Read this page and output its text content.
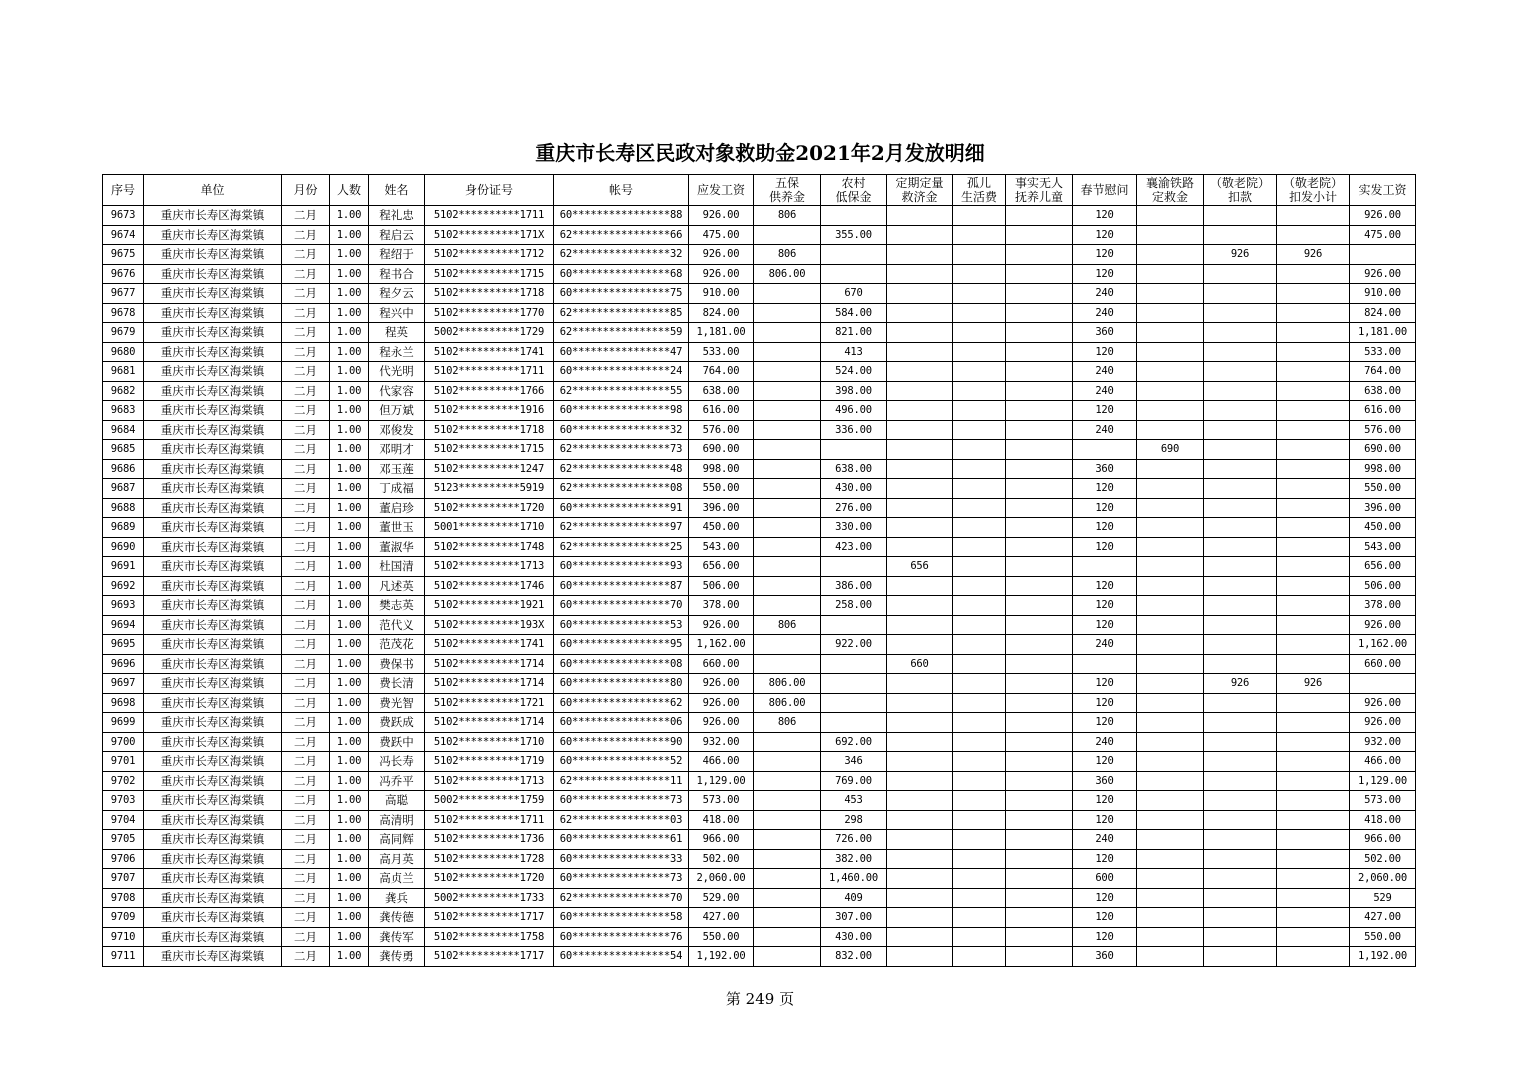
重庆市长寿区民政对象救助金2021年2月发放明细
序号	单位	月份	人数	姓名	身份证号	帐号	应发工资	五保
供养金	农村
低保金	定期定量
救济金	孤儿
生活费	事实无人
抚养儿童	春节慰问	襄渝铁路
定救金	（敬老院）
扣款	（敬老院）
扣发小计	实发工资
9673	重庆市长寿区海棠镇	二月	1.00	程礼忠	5102**********1711	60****************88	926.00	806					120				926.00
9674	重庆市长寿区海棠镇	二月	1.00	程启云	5102**********171X	62****************66	475.00		355.00				120				475.00
9675	重庆市长寿区海棠镇	二月	1.00	程绍于	5102**********1712	62****************32	926.00	806					120		926	926	
9676	重庆市长寿区海棠镇	二月	1.00	程书合	5102**********1715	60****************68	926.00	806.00					120				926.00
9677	重庆市长寿区海棠镇	二月	1.00	程夕云	5102**********1718	60****************75	910.00		670				240				910.00
9678	重庆市长寿区海棠镇	二月	1.00	程兴中	5102**********1770	62****************85	824.00		584.00				240				824.00
9679	重庆市长寿区海棠镇	二月	1.00	程英	5002**********1729	62****************59	1,181.00		821.00				360				1,181.00
9680	重庆市长寿区海棠镇	二月	1.00	程永兰	5102**********1741	60****************47	533.00		413				120				533.00
9681	重庆市长寿区海棠镇	二月	1.00	代光明	5102**********1711	60****************24	764.00		524.00				240				764.00
9682	重庆市长寿区海棠镇	二月	1.00	代家容	5102**********1766	62****************55	638.00		398.00				240				638.00
9683	重庆市长寿区海棠镇	二月	1.00	但万斌	5102**********1916	60****************98	616.00		496.00				120				616.00
9684	重庆市长寿区海棠镇	二月	1.00	邓俊发	5102**********1718	60****************32	576.00		336.00				240				576.00
9685	重庆市长寿区海棠镇	二月	1.00	邓明才	5102**********1715	62****************73	690.00							690			690.00
9686	重庆市长寿区海棠镇	二月	1.00	邓玉莲	5102**********1247	62****************48	998.00		638.00				360				998.00
9687	重庆市长寿区海棠镇	二月	1.00	丁成福	5123**********5919	62****************08	550.00		430.00				120				550.00
9688	重庆市长寿区海棠镇	二月	1.00	董启珍	5102**********1720	60****************91	396.00		276.00				120				396.00
9689	重庆市长寿区海棠镇	二月	1.00	董世玉	5001**********1710	62****************97	450.00		330.00				120				450.00
9690	重庆市长寿区海棠镇	二月	1.00	董淑华	5102**********1748	62****************25	543.00		423.00				120				543.00
9691	重庆市长寿区海棠镇	二月	1.00	杜国清	5102**********1713	60****************93	656.00			656							656.00
9692	重庆市长寿区海棠镇	二月	1.00	凡述英	5102**********1746	60****************87	506.00		386.00				120				506.00
9693	重庆市长寿区海棠镇	二月	1.00	樊志英	5102**********1921	60****************70	378.00		258.00				120				378.00
9694	重庆市长寿区海棠镇	二月	1.00	范代义	5102**********193X	60****************53	926.00	806					120				926.00
9695	重庆市长寿区海棠镇	二月	1.00	范茂花	5102**********1741	60****************95	1,162.00		922.00				240				1,162.00
9696	重庆市长寿区海棠镇	二月	1.00	费保书	5102**********1714	60****************08	660.00			660							660.00
9697	重庆市长寿区海棠镇	二月	1.00	费长清	5102**********1714	60****************80	926.00	806.00					120		926	926	
9698	重庆市长寿区海棠镇	二月	1.00	费光智	5102**********1721	60****************62	926.00	806.00					120				926.00
9699	重庆市长寿区海棠镇	二月	1.00	费跃成	5102**********1714	60****************06	926.00	806					120				926.00
9700	重庆市长寿区海棠镇	二月	1.00	费跃中	5102**********1710	60****************90	932.00		692.00				240				932.00
9701	重庆市长寿区海棠镇	二月	1.00	冯长寿	5102**********1719	60****************52	466.00		346				120				466.00
9702	重庆市长寿区海棠镇	二月	1.00	冯乔平	5102**********1713	62****************11	1,129.00		769.00				360				1,129.00
9703	重庆市长寿区海棠镇	二月	1.00	高聪	5002**********1759	60****************73	573.00		453				120				573.00
9704	重庆市长寿区海棠镇	二月	1.00	高清明	5102**********1711	62****************03	418.00		298				120				418.00
9705	重庆市长寿区海棠镇	二月	1.00	高同辉	5102**********1736	60****************61	966.00		726.00				240				966.00
9706	重庆市长寿区海棠镇	二月	1.00	高月英	5102**********1728	60****************33	502.00		382.00				120				502.00
9707	重庆市长寿区海棠镇	二月	1.00	高贞兰	5102**********1720	60****************73	2,060.00		1,460.00				600				2,060.00
9708	重庆市长寿区海棠镇	二月	1.00	龚兵	5002**********1733	62****************70	529.00		409				120				529
9709	重庆市长寿区海棠镇	二月	1.00	龚传德	5102**********1717	60****************58	427.00		307.00				120				427.00
9710	重庆市长寿区海棠镇	二月	1.00	龚传军	5102**********1758	60****************76	550.00		430.00				120				550.00
9711	重庆市长寿区海棠镇	二月	1.00	龚传勇	5102**********1717	60****************54	1,192.00		832.00				360				1,192.00
第 249 页
